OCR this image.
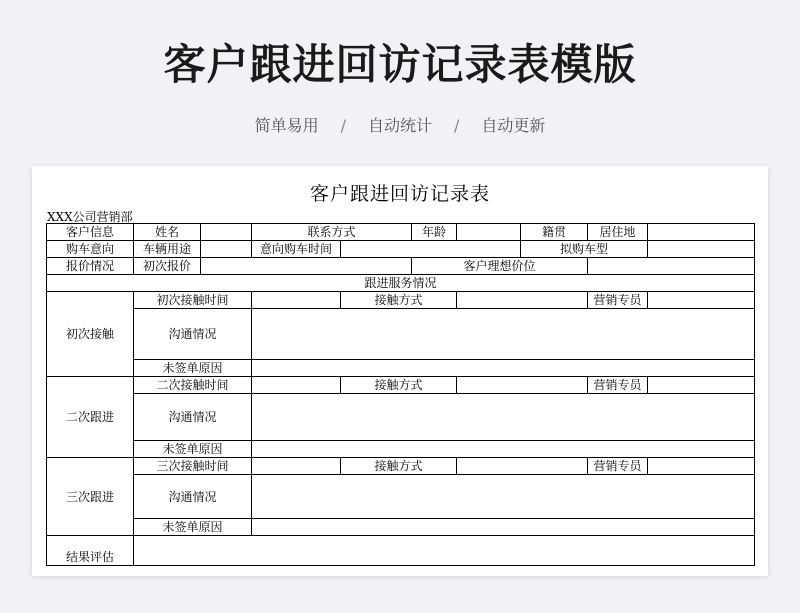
客户跟进回访记录表模版
简单易用 / 自动统计 / 自动更新
客户跟进回访记录表
XXX公司营销部
客户信息	姓名		联系方式		年龄		籍贯	居住地	
购车意向	车辆用途		意向购车时间				拟购车型		
报价情况	初次报价				客户理想价位				
跟进服务情况									
初次接触	初次接触时间			接触方式				营销专员	
	沟通情况								
	未签单原因								
二次跟进	二次接触时间			接触方式				营销专员	
	沟通情况								
	未签单原因								
三次跟进	三次接触时间			接触方式				营销专员	
	沟通情况								
	未签单原因								
结果评估									
